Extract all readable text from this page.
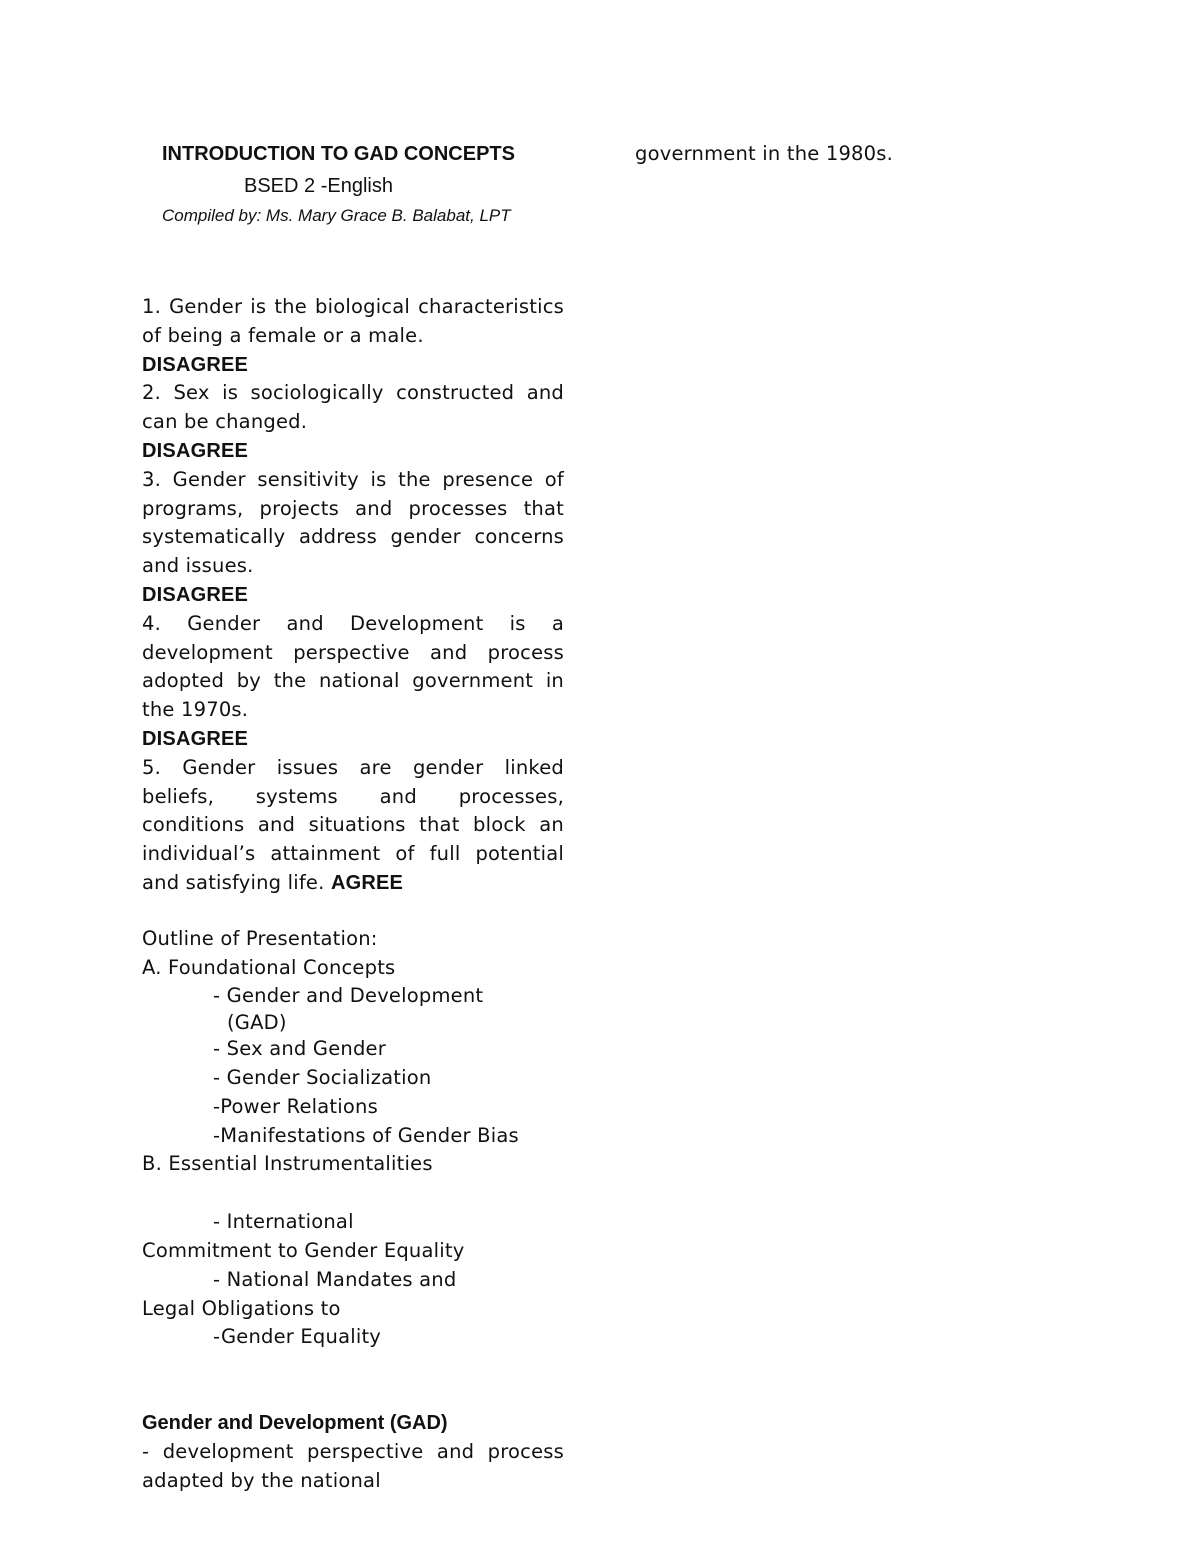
INTRODUCTION TO GAD CONCEPTS
BSED 2 -English
Compiled by: Ms. Mary Grace B. Balabat, LPT
1. Gender is the biological characteristics of being a female or a male.
DISAGREE
2. Sex is sociologically constructed and can be changed.
DISAGREE
3. Gender sensitivity is the presence of programs, projects and processes that systematically address gender concerns and issues.
DISAGREE
4. Gender and Development is a development perspective and process adopted by the national government in the 1970s.
DISAGREE
5. Gender issues are gender linked beliefs, systems and processes, conditions and situations that block an individual’s attainment of full potential and satisfying life. AGREE
Outline of Presentation:
A. Foundational Concepts
- Gender and Development
(GAD)
- Sex and Gender
- Gender Socialization
-Power Relations
-Manifestations of Gender Bias
B. Essential Instrumentalities
- International
Commitment to Gender Equality
- National Mandates and
Legal Obligations to
-Gender Equality
Gender and Development (GAD)
- development perspective and process adapted by the national
government in the 1980s.
